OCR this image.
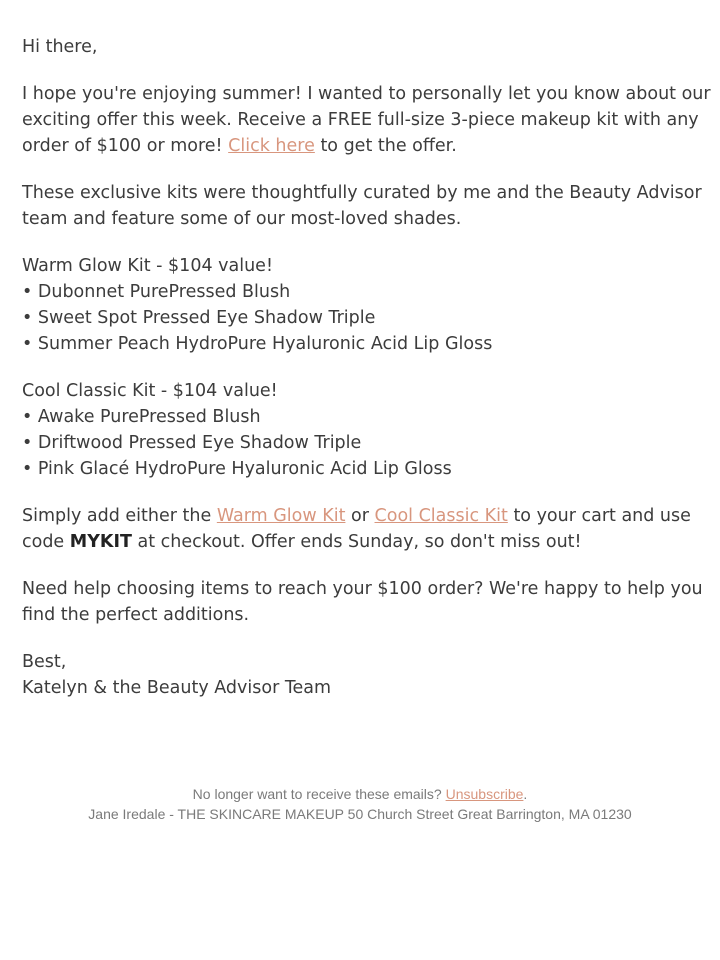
Hi there,

I hope you're enjoying summer! I wanted to personally let you know about our exciting offer this week. Receive a FREE full-size 3-piece makeup kit with any order of $100 or more! Click here to get the offer.

These exclusive kits were thoughtfully curated by me and the Beauty Advisor team and feature some of our most-loved shades.

Warm Glow Kit - $104 value!
• Dubonnet PurePressed Blush
• Sweet Spot Pressed Eye Shadow Triple
• Summer Peach HydroPure Hyaluronic Acid Lip Gloss
Cool Classic Kit - $104 value!
• Awake PurePressed Blush
• Driftwood Pressed Eye Shadow Triple
• Pink Glacé HydroPure Hyaluronic Acid Lip Gloss

Simply add either the Warm Glow Kit or Cool Classic Kit to your cart and use code MYKIT at checkout. Offer ends Sunday, so don't miss out!

Need help choosing items to reach your $100 order? We're happy to help you find the perfect additions.

Best,
Katelyn & the Beauty Advisor Team

No longer want to receive these emails? Unsubscribe.
Jane Iredale - THE SKINCARE MAKEUP 50 Church Street Great Barrington, MA 01230
